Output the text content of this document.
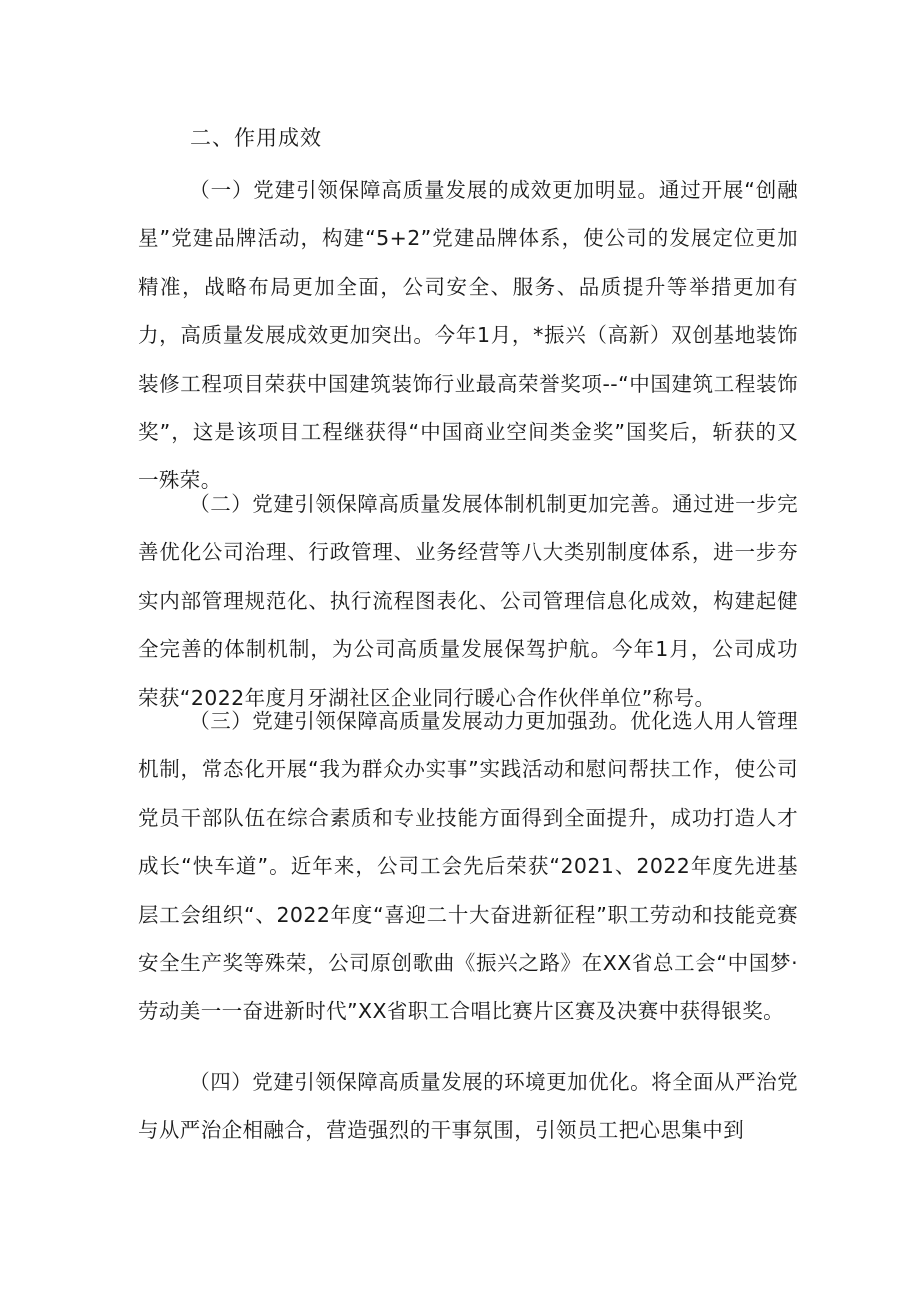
二、作用成效

（一）党建引领保障高质量发展的成效更加明显。通过开展“创融星”党建品牌活动，构建“5+2”党建品牌体系，使公司的发展定位更加精准，战略布局更加全面，公司安全、服务、品质提升等举措更加有力，高质量发展成效更加突出。今年1月，*振兴（高新）双创基地装饰装修工程项目荣获中国建筑装饰行业最高荣誉奖项--“中国建筑工程装饰奖”，这是该项目工程继获得“中国商业空间类金奖”国奖后，斩获的又一殊荣。

（二）党建引领保障高质量发展体制机制更加完善。通过进一步完善优化公司治理、行政管理、业务经营等八大类别制度体系，进一步夯实内部管理规范化、执行流程图表化、公司管理信息化成效，构建起健全完善的体制机制，为公司高质量发展保驾护航。今年1月，公司成功荣获“2022年度月牙湖社区企业同行暖心合作伙伴单位”称号。

（三）党建引领保障高质量发展动力更加强劲。优化选人用人管理机制，常态化开展“我为群众办实事”实践活动和慰问帮扶工作，使公司党员干部队伍在综合素质和专业技能方面得到全面提升，成功打造人才成长“快车道”。近年来，公司工会先后荣获“2021、2022年度先进基层工会组织“、2022年度“喜迎二十大奋进新征程”职工劳动和技能竞赛安全生产奖等殊荣，公司原创歌曲《振兴之路》在XX省总工会“中国梦·劳动美一一奋进新时代”XX省职工合唱比赛片区赛及决赛中获得银奖。

（四）党建引领保障高质量发展的环境更加优化。将全面从严治党与从严治企相融合，营造强烈的干事氛围，引领员工把心思集中到
